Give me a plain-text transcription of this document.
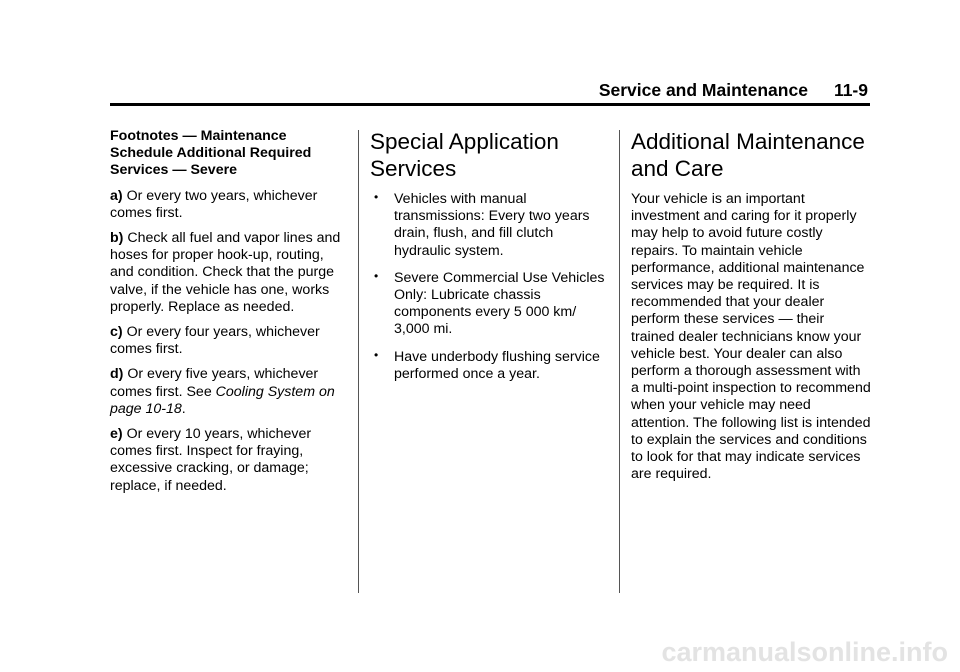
Service and Maintenance 11-9

Footnotes — Maintenance Schedule Additional Required Services — Severe

a) Or every two years, whichever comes first.

b) Check all fuel and vapor lines and hoses for proper hook-up, routing, and condition. Check that the purge valve, if the vehicle has one, works properly. Replace as needed.

c) Or every four years, whichever comes first.

d) Or every five years, whichever comes first. See Cooling System on page 10-18.

e) Or every 10 years, whichever comes first. Inspect for fraying, excessive cracking, or damage; replace, if needed.

Special Application Services
• Vehicles with manual transmissions: Every two years drain, flush, and fill clutch hydraulic system.
• Severe Commercial Use Vehicles Only: Lubricate chassis components every 5 000 km/ 3,000 mi.
• Have underbody flushing service performed once a year.
Additional Maintenance and Care

Your vehicle is an important investment and caring for it properly may help to avoid future costly repairs. To maintain vehicle performance, additional maintenance services may be required. It is recommended that your dealer perform these services — their trained dealer technicians know your vehicle best. Your dealer can also perform a thorough assessment with a multi-point inspection to recommend when your vehicle may need attention. The following list is intended to explain the services and conditions to look for that may indicate services are required.

carmanualsonline.info
